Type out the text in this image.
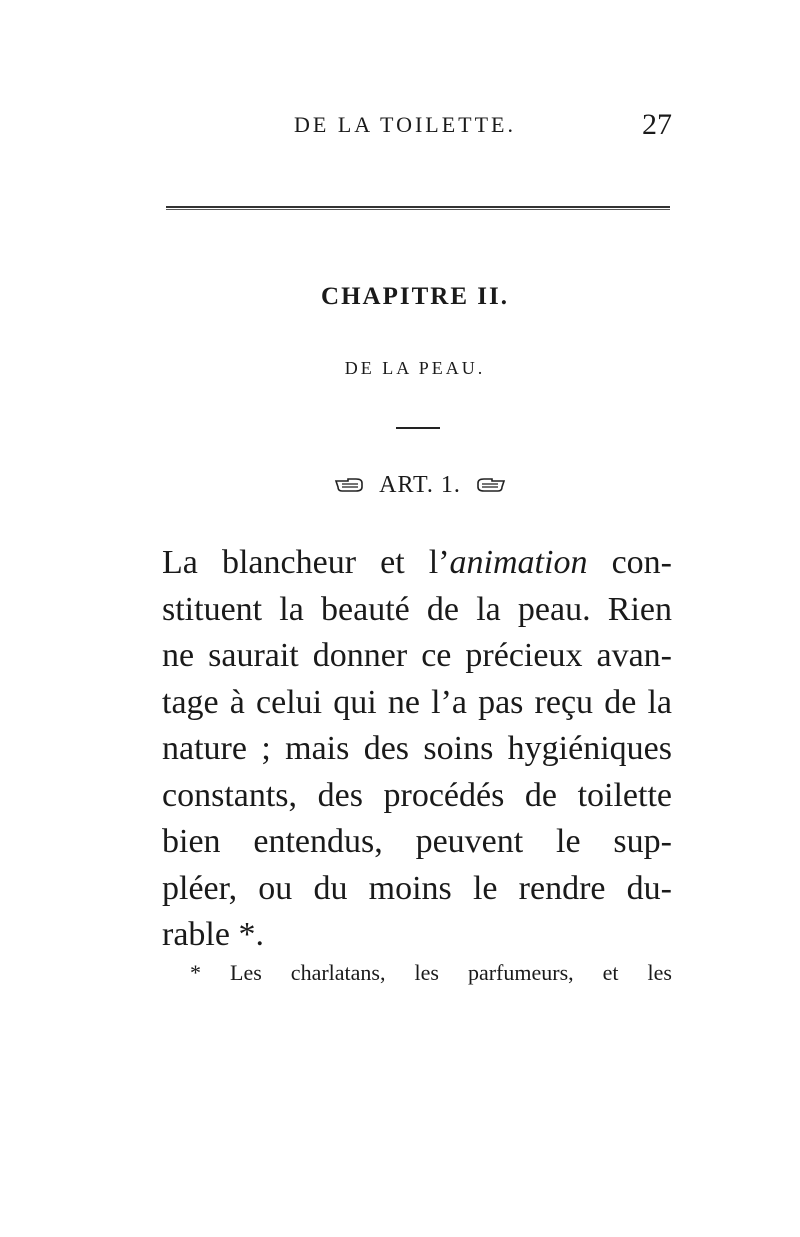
DE LA TOILETTE.	27
CHAPITRE II.
DE LA PEAU.
ART. 1.
La blancheur et l’animation con-
stituent la beauté de la peau. Rien
ne saurait donner ce précieux avan-
tage à celui qui ne l’a pas reçu de la
nature ; mais des soins hygiéniques
constants, des procédés de toilette
bien entendus, peuvent le sup-
pléer, ou du moins le rendre du-
rable *.
* Les charlatans, les parfumeurs, et les
